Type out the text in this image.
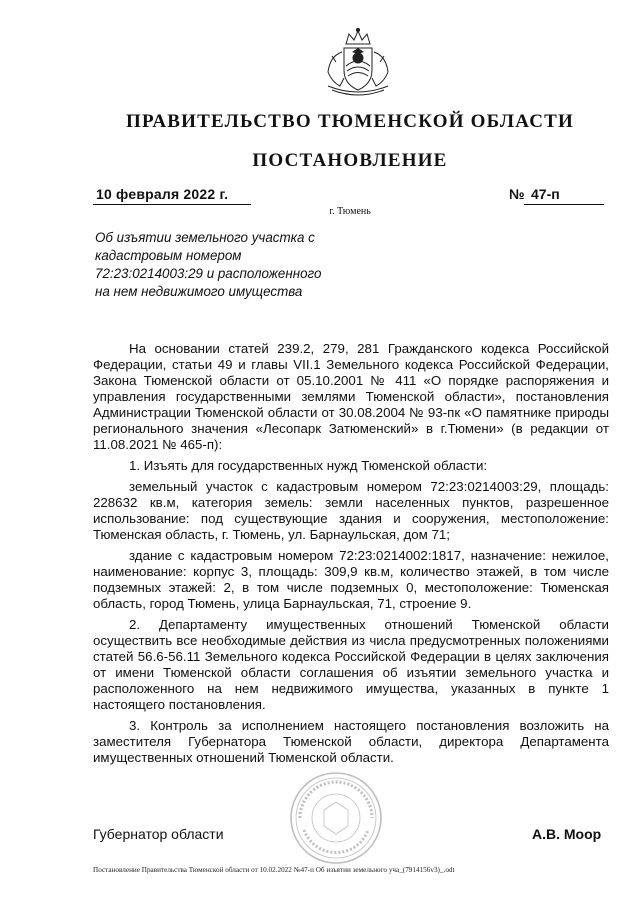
ПРАВИТЕЛЬСТВО ТЮМЕНСКОЙ ОБЛАСТИ
ПОСТАНОВЛЕНИЕ
10 февраля 2022 г.	№ 47-п
г. Тюмень
Об изъятии земельного участка с
кадастровым номером
72:23:0214003:29 и расположенного
на нем недвижимого имущества

На основании статей 239.2, 279, 281 Гражданского кодекса Российской Федерации, статьи 49 и главы VII.1 Земельного кодекса Российской Федерации, Закона Тюменской области от 05.10.2001 № 411 «О порядке распоряжения и управления государственными землями Тюменской области», постановления Администрации Тюменской области от 30.08.2004 № 93-пк «О памятнике природы регионального значения «Лесопарк Затюменский» в г.Тюмени» (в редакции от 11.08.2021 № 465-п):

1. Изъять для государственных нужд Тюменской области:

земельный участок с кадастровым номером 72:23:0214003:29, площадь: 228632 кв.м, категория земель: земли населенных пунктов, разрешенное использование: под существующие здания и сооружения, местоположение: Тюменская область, г. Тюмень, ул. Барнаульская, дом 71;

здание с кадастровым номером 72:23:0214002:1817, назначение: нежилое, наименование: корпус 3, площадь: 309,9 кв.м, количество этажей, в том числе подземных этажей: 2, в том числе подземных 0, местоположение: Тюменская область, город Тюмень, улица Барнаульская, 71, строение 9.

2. Департаменту имущественных отношений Тюменской области осуществить все необходимые действия из числа предусмотренных положениями статей 56.6-56.11 Земельного кодекса Российской Федерации в целях заключения от имени Тюменской области соглашения об изъятии земельного участка и расположенного на нем недвижимого имущества, указанных в пункте 1 настоящего постановления.

3. Контроль за исполнением настоящего постановления возложить на заместителя Губернатора Тюменской области, директора Департамента имущественных отношений Тюменской области.

Губернатор области	А.В. Моор
Постановление Правительства Тюменской области от 10.02.2022 №47-п Об изъятии земельного уча_(7914156v3)_.odt
